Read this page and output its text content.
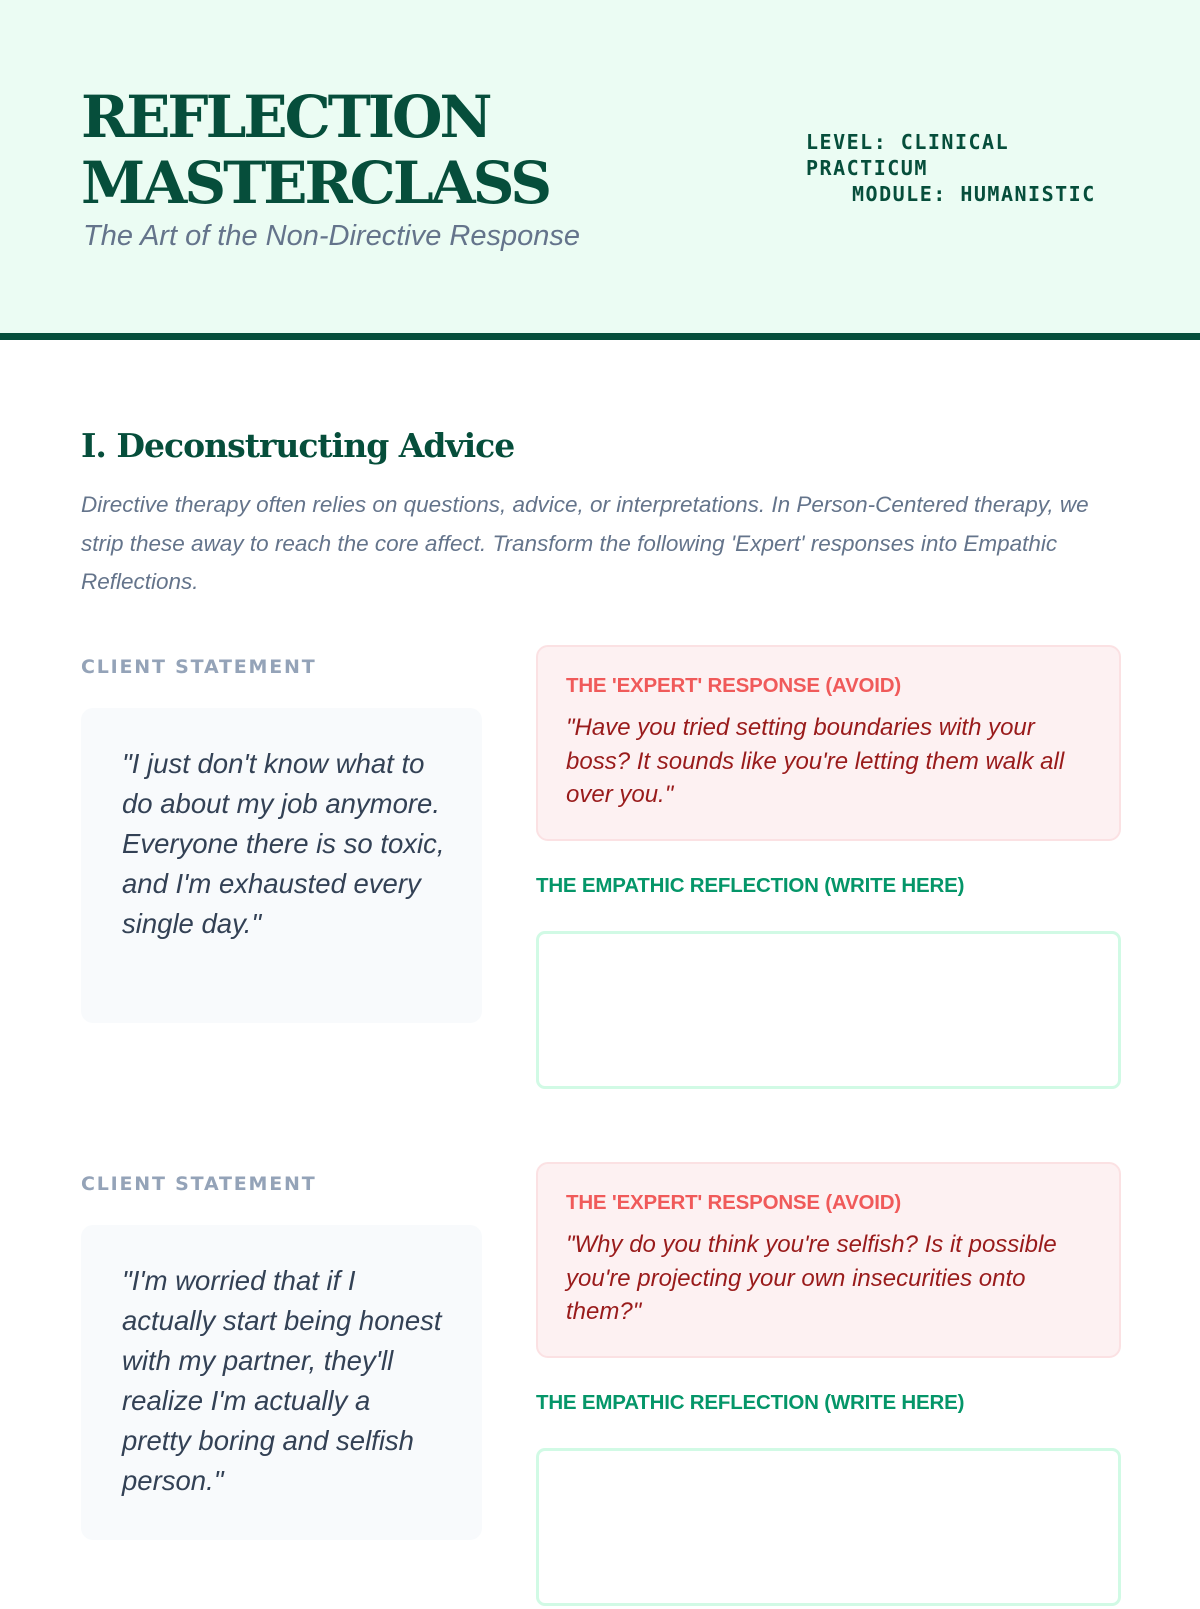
REFLECTION
MASTERCLASS

The Art of the Non-Directive Response

LEVEL: CLINICAL PRACTICUM
MODULE: HUMANISTIC
I. Deconstructing Advice

Directive therapy often relies on questions, advice, or interpretations. In Person-Centered therapy, we strip these away to reach the core affect. Transform the following 'Expert' responses into Empathic Reflections.

CLIENT STATEMENT
"I just don't know what to do about my job anymore. Everyone there is so toxic, and I'm exhausted every single day."

THE 'EXPERT' RESPONSE (AVOID)

"Have you tried setting boundaries with your boss? It sounds like you're letting them walk all over you."

THE EMPATHIC REFLECTION (WRITE HERE)

CLIENT STATEMENT
"I'm worried that if I actually start being honest with my partner, they'll realize I'm actually a pretty boring and selfish person."

THE 'EXPERT' RESPONSE (AVOID)

"Why do you think you're selfish? Is it possible you're projecting your own insecurities onto them?"

THE EMPATHIC REFLECTION (WRITE HERE)
